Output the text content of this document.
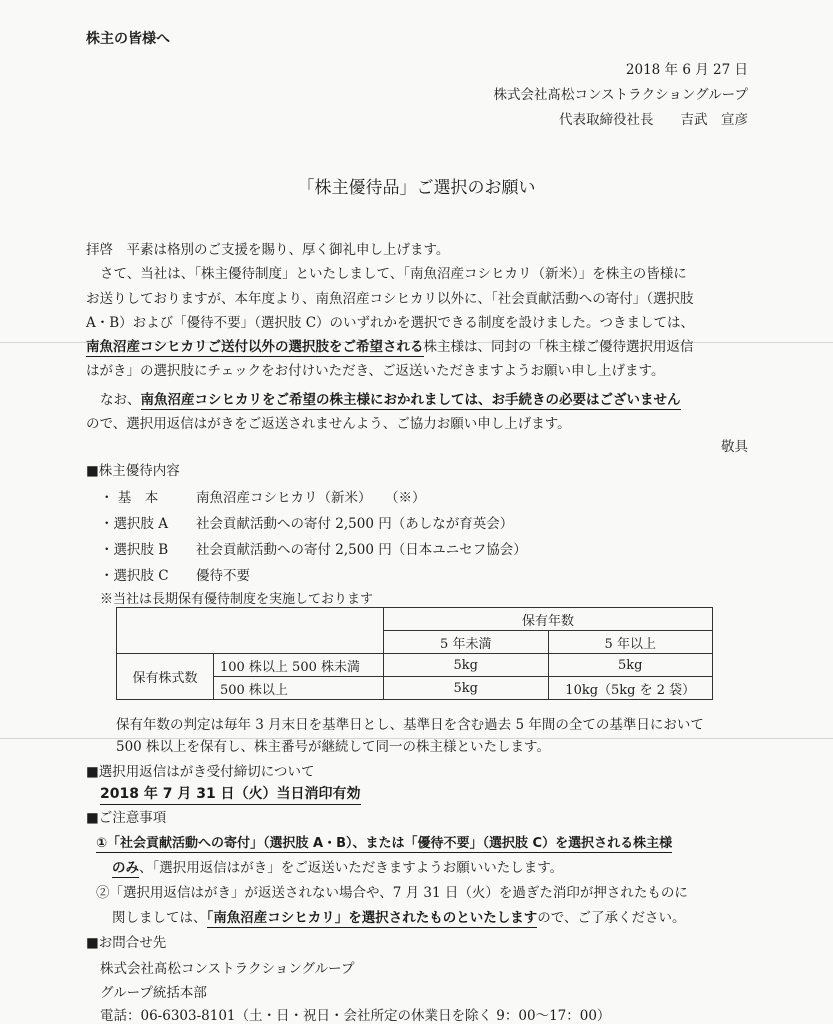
株主の皆様へ
2018 年 6 月 27 日
株式会社髙松コンストラクショングループ
代表取締役社長　　吉武　宣彦
「株主優待品」ご選択のお願い
拝啓　平素は格別のご支援を賜り、厚く御礼申し上げます。
さて、当社は、「株主優待制度」といたしまして、「南魚沼産コシヒカリ（新米）」を株主の皆様に
お送りしておりますが、本年度より、南魚沼産コシヒカリ以外に、「社会貢献活動への寄付」（選択肢
A・B）および「優待不要」（選択肢 C）のいずれかを選択できる制度を設けました。つきましては、
南魚沼産コシヒカリご送付以外の選択肢をご希望される株主様は、同封の「株主様ご優待選択用返信
はがき」の選択肢にチェックをお付けいただき、ご返送いただきますようお願い申し上げます。
なお、南魚沼産コシヒカリをご希望の株主様におかれましては、お手続きの必要はございません
ので、選択用返信はがきをご返送されませんよう、ご協力お願い申し上げます。
敬具
■株主優待内容
・ 基　本	南魚沼産コシヒカリ（新米）　　（※）
・選択肢 A 社会貢献活動への寄付 2,500 円（あしなが育英会）
・選択肢 B 社会貢献活動への寄付 2,500 円（日本ユニセフ協会）
・選択肢 C 優待不要
※当社は長期保有優待制度を実施しております
		保有年数	
		5 年未満	5 年以上
保有株式数	100 株以上 500 株未満	5kg	5kg
	500 株以上	5kg	10kg（5kg を 2 袋）
保有年数の判定は毎年 3 月末日を基準日とし、基準日を含む過去 5 年間の全ての基準日において
500 株以上を保有し、株主番号が継続して同一の株主様といたします。
■選択用返信はがき受付締切について
2018 年 7 月 31 日（火）当日消印有効
■ご注意事項
①「社会貢献活動への寄付」（選択肢 A・B）、または「優待不要」（選択肢 C）を選択される株主様
のみ、「選択用返信はがき」をご返送いただきますようお願いいたします。
②「選択用返信はがき」が返送されない場合や、7 月 31 日（火）を過ぎた消印が押されたものに
関しましては、「南魚沼産コシヒカリ」を選択されたものといたしますので、ご了承ください。
■お問合せ先
株式会社髙松コンストラクショングループ
グループ統括本部
電話：06-6303-8101（土・日・祝日・会社所定の休業日を除く 9：00～17：00）
